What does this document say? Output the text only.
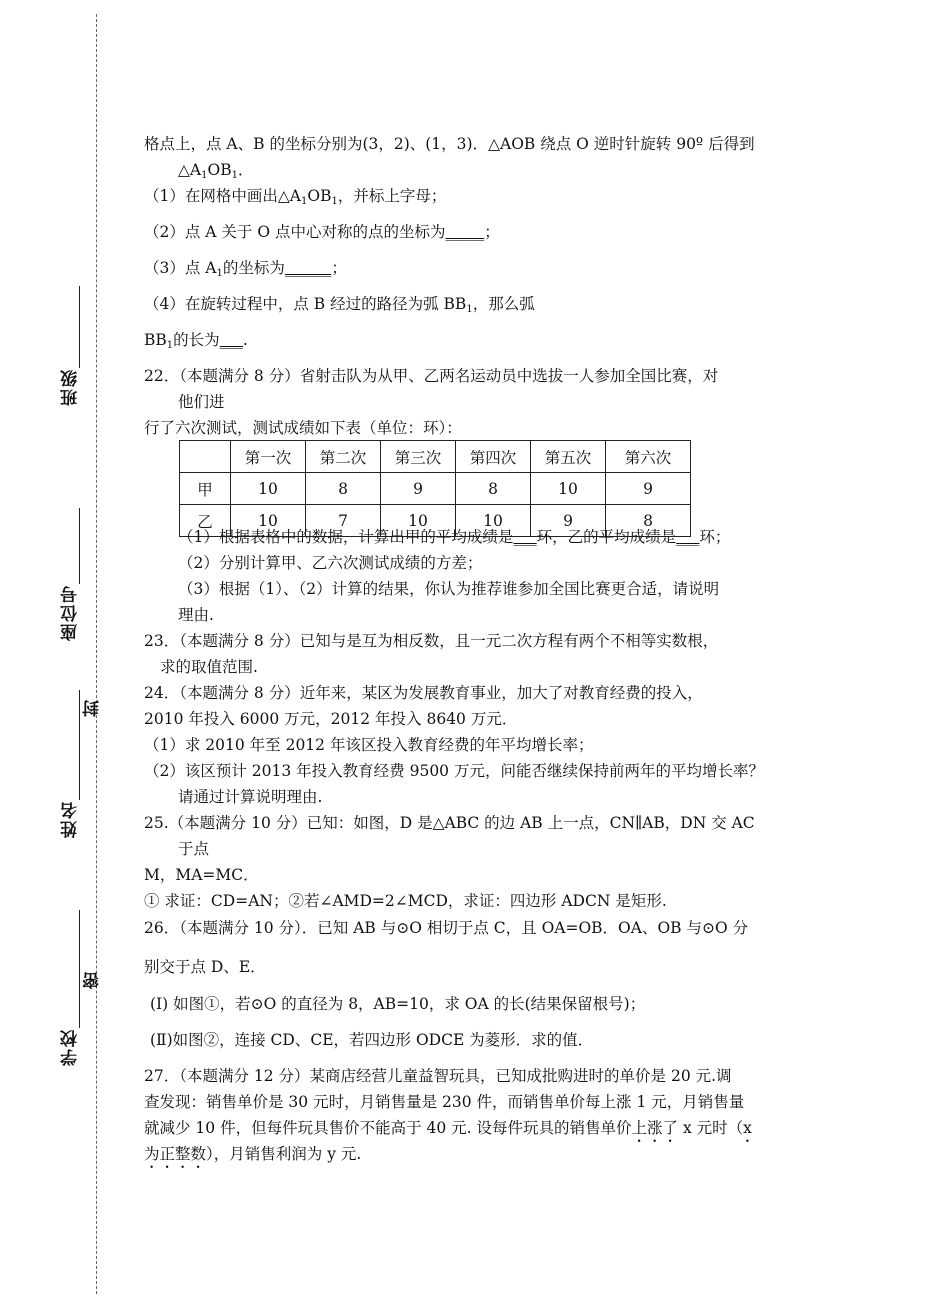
班级
座位号
封
姓名
密
学校
格点上，点 A、B 的坐标分别为(3，2)、(1，3)．△AOB 绕点 O 逆时针旋转 90º 后得到
$\triangle A_1OB_1$．
（1）在网格中画出$\triangle A_1OB_1$，并标上字母；
（2）点 A 关于 O 点中心对称的点的坐标为_____；
（3）点 $A_1$的坐标为______；
（4）在旋转过程中，点 B 经过的路径为弧 $BB_1$，那么弧
$BB_1$的长为___.
22．（本题满分 8 分）省射击队为从甲、乙两名运动员中选拔一人参加全国比赛，对
他们进
行了六次测试，测试成绩如下表（单位：环）：
	第一次	第二次	第三次	第四次	第五次	第六次
甲	10	8	9	8	10	9
乙	10	7	10	10	9	8
（1）根据表格中的数据，计算出甲的平均成绩是___环，乙的平均成绩是___环；
（2）分别计算甲、乙六次测试成绩的方差；
（3）根据（1）、（2）计算的结果，你认为推荐谁参加全国比赛更合适，请说明
理由.
23．（本题满分 8 分）已知与是互为相反数，且一元二次方程有两个不相等实数根，
求的取值范围.
24．（本题满分 8 分）近年来，某区为发展教育事业，加大了对教育经费的投入，
2010 年投入 6000 万元，2012 年投入 8640 万元．
（1）求 2010 年至 2012 年该区投入教育经费的年平均增长率；
（2）该区预计 2013 年投入教育经费 9500 万元，问能否继续保持前两年的平均增长率？
请通过计算说明理由.
25.（本题满分 10 分）已知：如图，D 是△ABC 的边 AB 上一点，CN∥AB，DN 交 AC
于点
M，MA=MC．
① 求证：CD=AN；②若∠AMD=2∠MCD，求证：四边形 ADCN 是矩形.
26．（本题满分 10 分）．已知 AB 与⊙O 相切于点 C，且 OA=OB．OA、OB 与⊙O 分
别交于点 D、E．
(I) 如图①，若⊙O 的直径为 8，AB=10，求 OA 的长(结果保留根号)；
(Ⅱ)如图②，连接 CD、CE，若四边形 ODCE 为菱形．求的值．
27．（本题满分 12 分）某商店经营儿童益智玩具，已知成批购进时的单价是 20 元.调
查发现：销售单价是 30 元时，月销售量是 230 件，而销售单价每上涨 1 元，月销售量
就减少 10 件，但每件玩具售价不能高于 40 元. 设每件玩具的销售单价上涨了 x 元时（x
为正整数），月销售利润为 y 元.
